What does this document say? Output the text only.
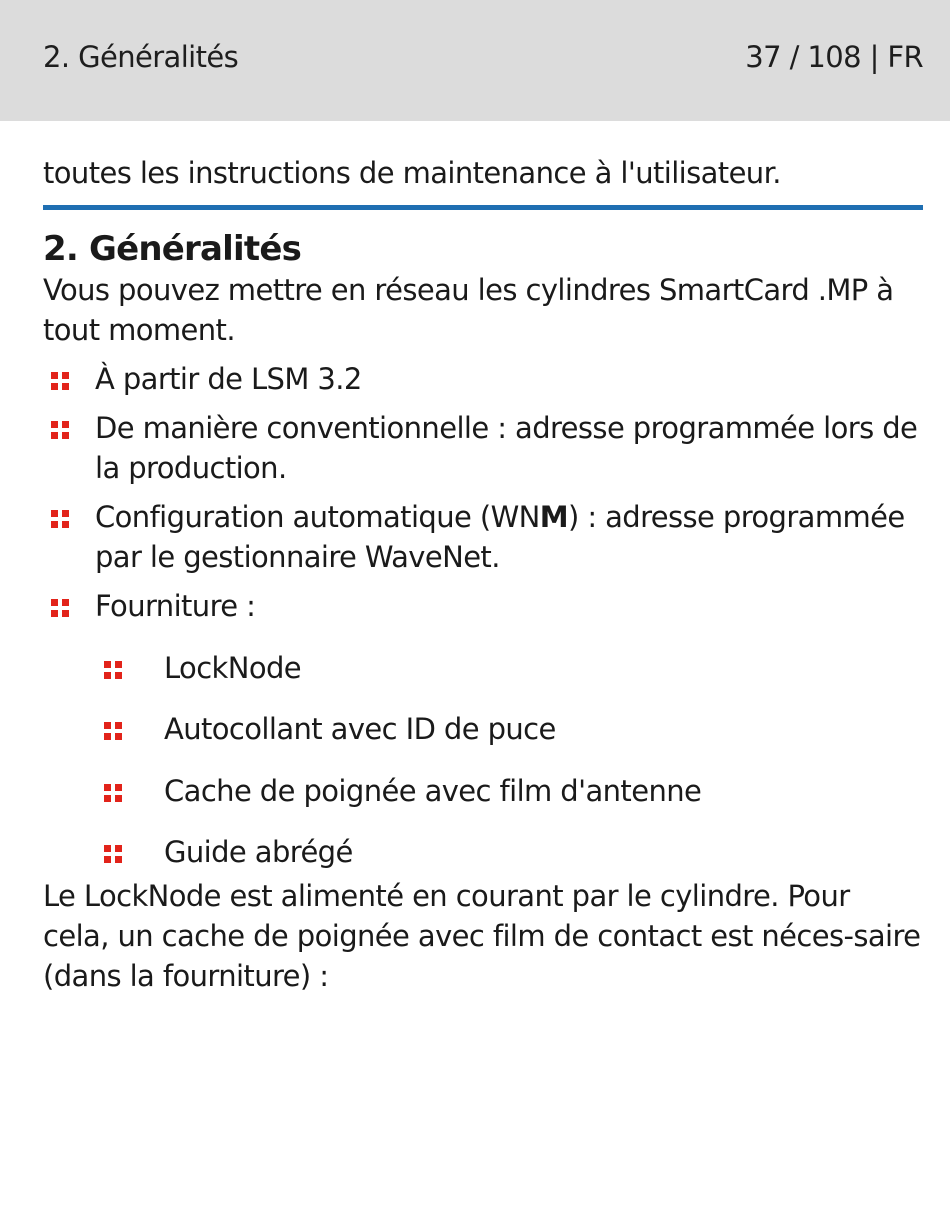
2. Généralités	37 / 108 | FR

toutes les instructions de maintenance à l'utilisateur.

2. Généralités

Vous pouvez mettre en réseau les cylindres SmartCard .MP à tout moment.

À partir de LSM 3.2
De manière conventionnelle : adresse programmée lors de la production.
Configuration automatique (WNM) : adresse programmée par le gestionnaire WaveNet.
Fourniture :
LockNode
Autocollant avec ID de puce
Cache de poignée avec film d'antenne
Guide abrégé

Le LockNode est alimenté en courant par le cylindre. Pour cela, un cache de poignée avec film de contact est néces-saire (dans la fourniture) :
